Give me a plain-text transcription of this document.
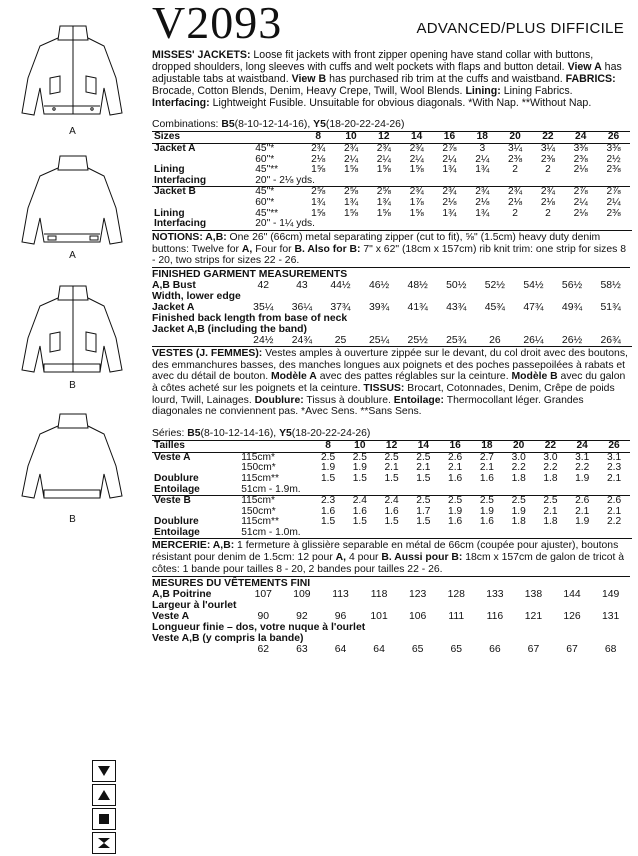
A
A
B
B
V2093	ADVANCED/PLUS DIFFICILE

MISSES' JACKETS: Loose fit jackets with front zipper opening have stand collar with buttons, dropped shoulders, long sleeves with cuffs and welt pockets with flaps and button detail. View A has adjustable tabs at waistband. View B has purchased rib trim at the cuffs and waistband. FABRICS: Brocade, Cotton Blends, Denim, Heavy Crepe, Twill, Wool Blends. Lining: Lining Fabrics. Interfacing: Lightweight Fusible. Unsuitable for obvious diagonals. *With Nap. **Without Nap.

Combinations: B5(8-10-12-14-16), Y5(18-20-22-24-26)
Sizes		8	10	12	14	16	18	20	22	24	26
Jacket A	45"*	2¾	2¾	2¾	2¾	2⅞	3	3¼	3¼	3⅜	3⅜
	60"*	2⅛	2¼	2¼	2¼	2¼	2¼	2⅜	2⅜	2⅜	2½
Lining	45"**	1⅝	1⅝	1⅝	1⅝	1¾	1¾	2	2	2⅛	2⅜
Interfacing	20" - 2⅛ yds.										
Jacket B	45"*	2⅝	2⅝	2⅝	2¾	2¾	2¾	2¾	2¾	2⅞	2⅞
	60"*	1¾	1¾	1¾	1⅞	2⅛	2⅛	2⅛	2⅛	2¼	2¼
Lining	45"**	1⅝	1⅝	1⅝	1⅝	1¾	1¾	2	2	2⅛	2⅜
Interfacing	20" - 1¼ yds.										
NOTIONS: A,B: One 26" (66cm) metal separating zipper (cut to fit), ⅝" (1.5cm) heavy duty denim buttons: Twelve for A, Four for B. Also for B: 7" x 62" (18cm x 157cm) rib knit trim: one strip for sizes 8 - 20, two strips for sizes 22 - 26.
FINISHED GARMENT MEASUREMENTS
A,B Bust	42	43	44½	46½	48½	50½	52½	54½	56½	58½
Width, lower edge
Jacket A	35¼	36¼	37¾	39¾	41¾	43¾	45¾	47¾	49¾	51¾
Finished back length from base of neck
Jacket A,B (including the band)
24½	24¾	25	25¼	25½	25¾	26	26¼	26½	26¾
VESTES (J. FEMMES): Vestes amples à ouverture zippée sur le devant, du col droit avec des boutons, des emmanchures basses, des manches longues aux poignets et des poches passepoilées à rabats et avec du détail de bouton. Modèle A avec des pattes réglables sur la ceinture. Modèle B avec du galon à côtes acheté sur les poignets et la ceinture. TISSUS: Brocart, Cotonnades, Denim, Crêpe de poids lourd, Twill, Lainages. Doublure: Tissus à doublure. Entoilage: Thermocollant léger. Grandes diagonales ne conviennent pas. *Avec Sens. **Sans Sens.
Séries: B5(8-10-12-14-16), Y5(18-20-22-24-26)
Tailles		8	10	12	14	16	18	20	22	24	26
Veste A	115cm*	2.5	2.5	2.5	2.5	2.6	2.7	3.0	3.0	3.1	3.1
	150cm*	1.9	1.9	2.1	2.1	2.1	2.1	2.2	2.2	2.2	2.3
Doublure	115cm**	1.5	1.5	1.5	1.5	1.6	1.6	1.8	1.8	1.9	2.1
Entoilage	51cm - 1.9m.										
Veste B	115cm*	2.3	2.4	2.4	2.5	2.5	2.5	2.5	2.5	2.6	2.6
	150cm*	1.6	1.6	1.6	1.7	1.9	1.9	1.9	2.1	2.1	2.1
Doublure	115cm**	1.5	1.5	1.5	1.5	1.6	1.6	1.8	1.8	1.9	2.2
Entoilage	51cm - 1.0m.										
MERCERIE: A,B: 1 fermeture à glissière separable en métal de 66cm (coupée pour ajuster), boutons résistant pour denim de 1.5cm: 12 pour A, 4 pour B. Aussi pour B: 18cm x 157cm de galon de tricot à côtes: 1 bande pour tailles 8 - 20, 2 bandes pour tailles 22 - 26.
MESURES DU VÊTEMENTS FINI
A,B Poitrine	107	109	113	118	123	128	133	138	144	149
Largeur à l'ourlet
Veste A	90	92	96	101	106	111	116	121	126	131
Longueur finie – dos, votre nuque à l'ourlet
Veste A,B (y compris la bande)
62	63	64	64	65	65	66	67	67	68
